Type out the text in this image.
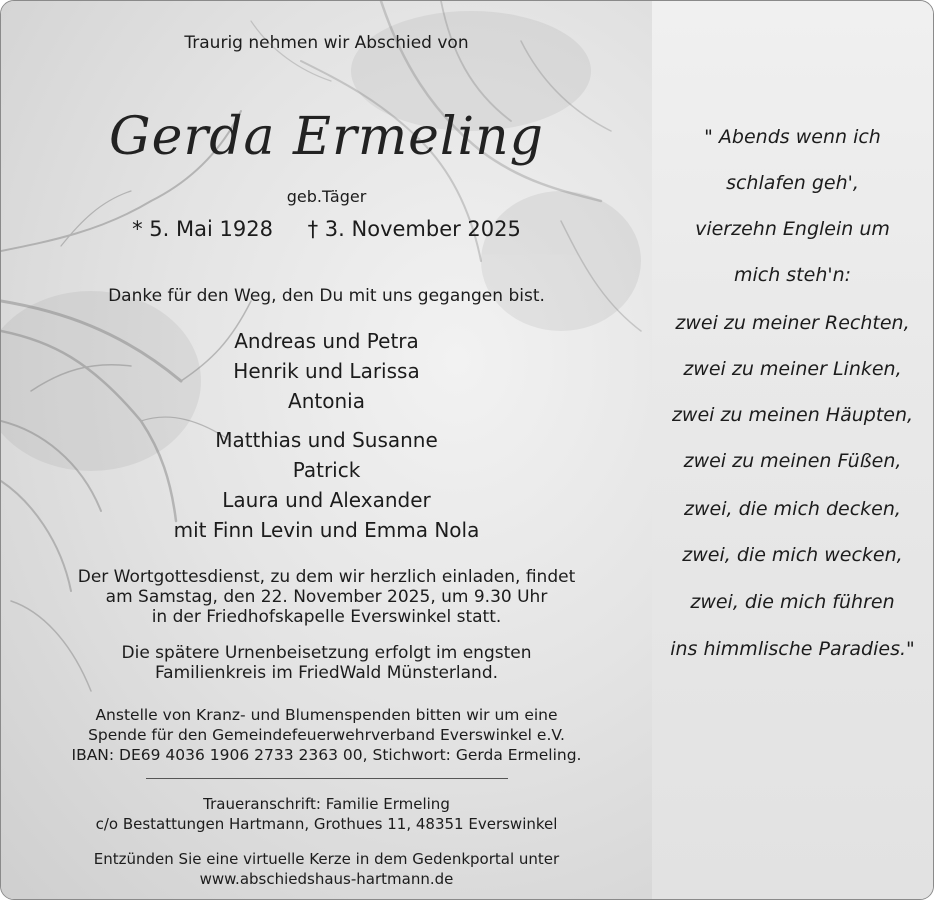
Traurig nehmen wir Abschied von
Gerda Ermeling
geb.Täger
* 5. Mai 1928 † 3. November 2025
Danke für den Weg, den Du mit uns gegangen bist.
Andreas und Petra
Henrik und Larissa
Antonia
Matthias und Susanne
Patrick
Laura und Alexander
mit Finn Levin und Emma Nola
Der Wortgottesdienst, zu dem wir herzlich einladen, findet
am Samstag, den 22. November 2025, um 9.30 Uhr
in der Friedhofskapelle Everswinkel statt.
Die spätere Urnenbeisetzung erfolgt im engsten
Familienkreis im FriedWald Münsterland.
Anstelle von Kranz- und Blumenspenden bitten wir um eine
Spende für den Gemeindefeuerwehrverband Everswinkel e.V.
IBAN: DE69 4036 1906 2733 2363 00, Stichwort: Gerda Ermeling.
Traueranschrift: Familie Ermeling
c/o Bestattungen Hartmann, Grothues 11, 48351 Everswinkel
Entzünden Sie eine virtuelle Kerze in dem Gedenkportal unter
www.abschiedshaus-hartmann.de
" Abends wenn ich
schlafen geh',
vierzehn Englein um
mich steh'n:
zwei zu meiner Rechten,
zwei zu meiner Linken,
zwei zu meinen Häupten,
zwei zu meinen Füßen,
zwei, die mich decken,
zwei, die mich wecken,
zwei, die mich führen
ins himmlische Paradies."
